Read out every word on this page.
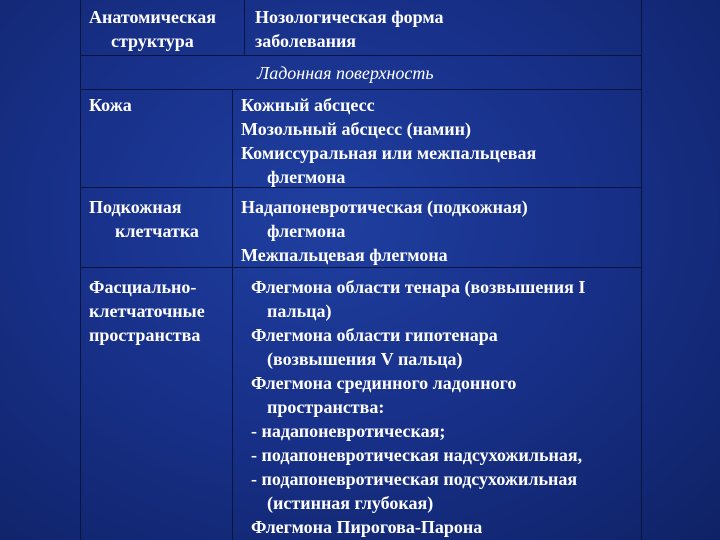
Анатомическая
структура
Нозологическая форма
заболевания
Ладонная поверхность
Кожа	Кожный абсцесс
Мозольный абсцесс (намин)
Комиссуральная или межпальцевая
флегмона
Подкожная
клетчатка
Надапоневротическая (подкожная)
флегмона
Межпальцевая флегмона
Фасциально-
клетчаточные
пространства
Флегмона области тенара (возвышения I
пальца)
Флегмона области гипотенара
(возвышения V пальца)
Флегмона срединного ладонного
пространства:
- надапоневротическая;
- подапоневротическая надсухожильная,
- подапоневротическая подсухожильная
(истинная глубокая)
Флегмона Пирогова-Парона
